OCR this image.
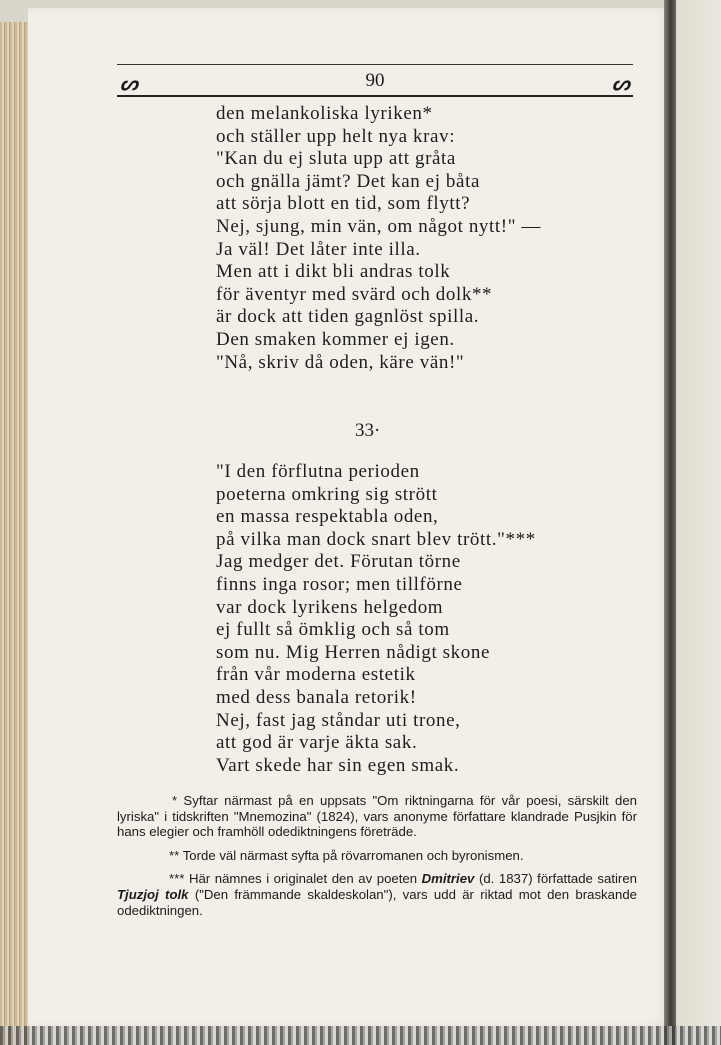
ᔕ	90	ᔕ
den melankoliska lyriken*
och ställer upp helt nya krav:
"Kan du ej sluta upp att gråta
och gnälla jämt? Det kan ej båta
att sörja blott en tid, som flytt?
Nej, sjung, min vän, om något nytt!" —
Ja väl! Det låter inte illa.
Men att i dikt bli andras tolk
för äventyr med svärd och dolk**
är dock att tiden gagnlöst spilla.
Den smaken kommer ej igen.
"Nå, skriv då oden, käre vän!"
33·
"I den förflutna perioden
poeterna omkring sig strött
en massa respektabla oden,
på vilka man dock snart blev trött."***
Jag medger det. Förutan törne
finns inga rosor; men tillförne
var dock lyrikens helgedom
ej fullt så ömklig och så tom
som nu. Mig Herren nådigt skone
från vår moderna estetik
med dess banala retorik!
Nej, fast jag ståndar uti trone,
att god är varje äkta sak.
Vart skede har sin egen smak.

* Syftar närmast på en uppsats "Om riktningarna för vår poesi, särskilt den lyriska" i tidskriften "Mnemozina" (1824), vars anonyme författare klandrade Pusjkin för hans elegier och framhöll odediktningens företräde.

** Torde väl närmast syfta på rövarromanen och byronismen.

*** Här nämnes i originalet den av poeten Dmitriev (d. 1837) författade satiren Tjuzjoj tolk ("Den främmande skaldeskolan"), vars udd är riktad mot den braskande odediktningen.
